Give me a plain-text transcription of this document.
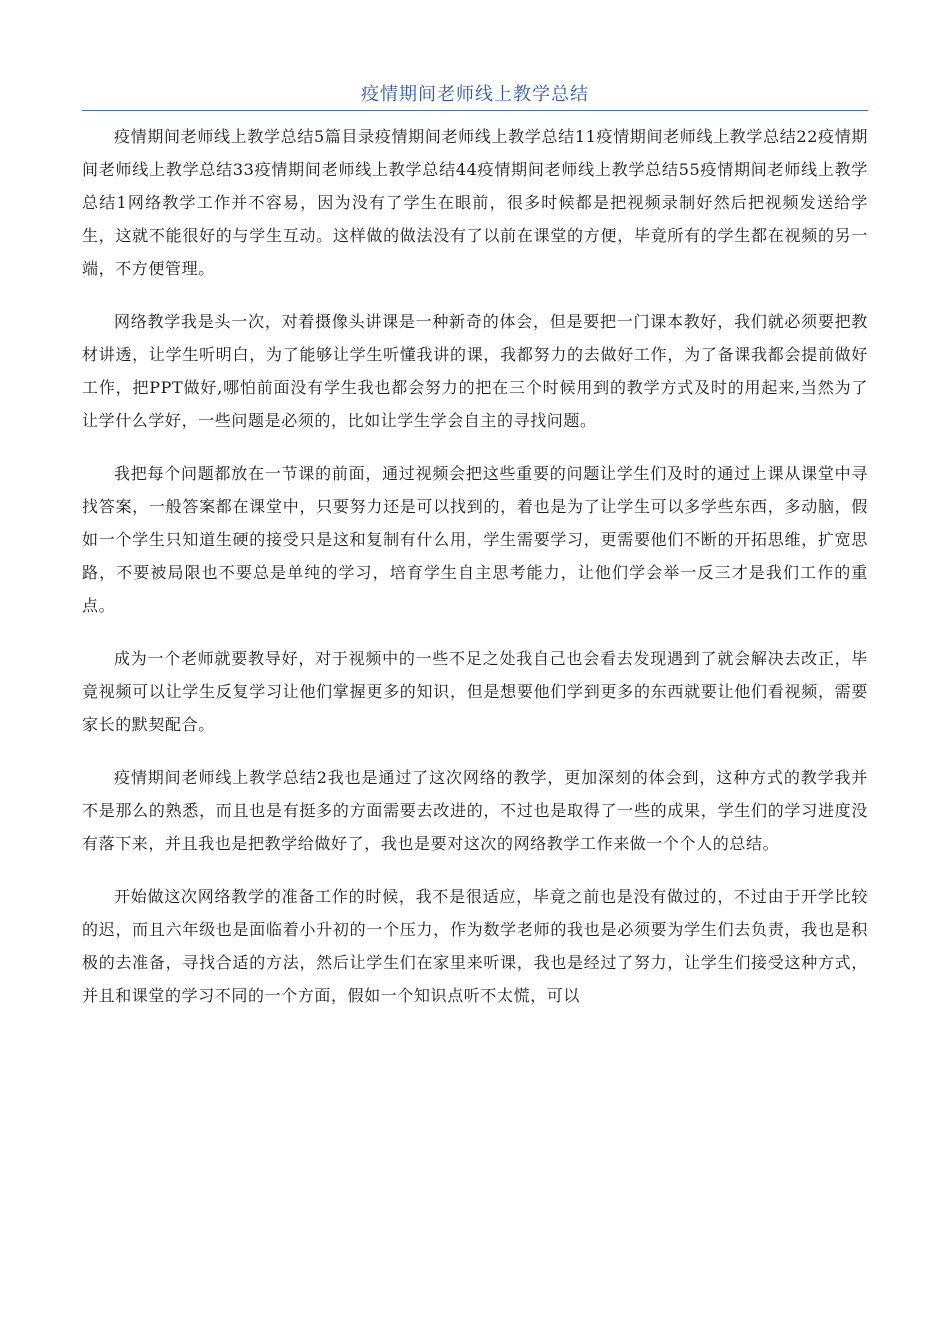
疫情期间老师线上教学总结

疫情期间老师线上教学总结5篇目录疫情期间老师线上教学总结11疫情期间老师线上教学总结22疫情期间老师线上教学总结33疫情期间老师线上教学总结44疫情期间老师线上教学总结55疫情期间老师线上教学总结1网络教学工作并不容易，因为没有了学生在眼前，很多时候都是把视频录制好然后把视频发送给学生，这就不能很好的与学生互动。这样做的做法没有了以前在课堂的方便，毕竟所有的学生都在视频的另一端，不方便管理。

网络教学我是头一次，对着摄像头讲课是一种新奇的体会，但是要把一门课本教好，我们就必须要把教材讲透，让学生听明白，为了能够让学生听懂我讲的课，我都努力的去做好工作，为了备课我都会提前做好工作，把PPT做好,哪怕前面没有学生我也都会努力的把在三个时候用到的教学方式及时的用起来,当然为了让学什么学好，一些问题是必须的，比如让学生学会自主的寻找问题。

我把每个问题都放在一节课的前面，通过视频会把这些重要的问题让学生们及时的通过上课从课堂中寻找答案，一般答案都在课堂中，只要努力还是可以找到的，着也是为了让学生可以多学些东西，多动脑，假如一个学生只知道生硬的接受只是这和复制有什么用，学生需要学习，更需要他们不断的开拓思维，扩宽思路，不要被局限也不要总是单纯的学习，培育学生自主思考能力，让他们学会举一反三才是我们工作的重点。

成为一个老师就要教导好，对于视频中的一些不足之处我自己也会看去发现遇到了就会解决去改正，毕竟视频可以让学生反复学习让他们掌握更多的知识，但是想要他们学到更多的东西就要让他们看视频，需要家长的默契配合。

疫情期间老师线上教学总结2我也是通过了这次网络的教学，更加深刻的体会到，这种方式的教学我并不是那么的熟悉，而且也是有挺多的方面需要去改进的，不过也是取得了一些的成果，学生们的学习进度没有落下来，并且我也是把教学给做好了，我也是要对这次的网络教学工作来做一个个人的总结。

开始做这次网络教学的准备工作的时候，我不是很适应，毕竟之前也是没有做过的，不过由于开学比较的迟，而且六年级也是面临着小升初的一个压力，作为数学老师的我也是必须要为学生们去负责，我也是积极的去准备，寻找合适的方法，然后让学生们在家里来听课，我也是经过了努力，让学生们接受这种方式，并且和课堂的学习不同的一个方面，假如一个知识点听不太慌，可以
